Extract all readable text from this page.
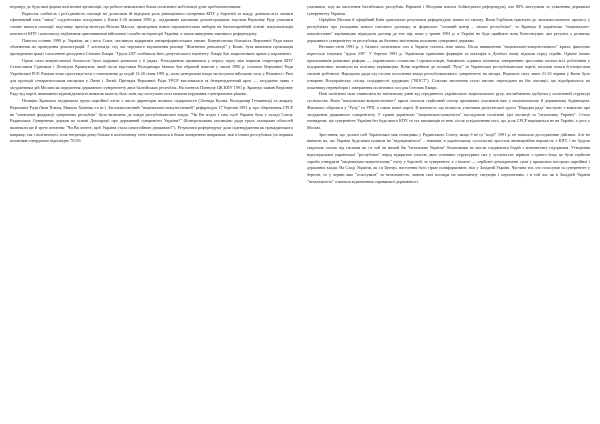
недовіру до будь-якої форми політичної організації, що робило неможливої ​​більш політичної мобілізації дуже проблематичними.

Відносна слабкість і роз'єднаність опозиції не дозволили їй відіграти роль рівноцінного суперника КПУ у боротьбі за владу, довівши всіх чинити ефективний тиск "знизу" студентських голодувань у Києві 2-16 жовтня 1990 р., підтримане масовими демонстраціями, змусили Верховну Раду ухвалити таємне вимоги опозиції: відставку прем'єр-міністра Віталія Масола, проведення нових парламентських виборів на багатопартійній основі, націоналізація власності КПУ і комсомолу, відбування призовниками військової служби на території України, а також виведення законного референдуму.

Плюсом осінню 1990 р. України, як і весь Союз, захлинула відкритим антиреформістським хвилю. Комуністична більшість Верховної Ради взяла обмеження на проведення демонстрацій. 7 листопада, під час чергового відзначення річниці "Жовтневої революції" у Києві, була виконана провокація протидемонстрації з колонною дисидента Степана Хмари. "Група 239" позбавила його депутатського імунітету. Хмару був заарештовано прямо у парламенті.

Однак сили комуністичної більшості були підірвані розколом у її рядах. Розходження проявилися у першу чергу між першим секретарем КПУ Станіславом Гуренком і Леонідом Кравчуком, який після відставки Володимира Івашка був обраний навесні у липні 1990 р. головою Верховної Ради Української РСР. Роками чітко простежується з становлення до подій 13-20 січня 1991 р., коли центральна влада застосувала військову силу у Вільнюсі і Ризі для протидії сепаратистським настроям у Литві і Латвії. Президія Верховної Ради УРСР висловилася за безпрецедентний крок — засуджено заяву з засудженням дій Москви як порушення державного суверенітету двох балтійських республік. На пленумі Пленуму ЦК КПУ 1991 р. Кравчук заявив Верховну Раду від партії, виявляючи відповідальність вимагав захисту його змін, що поступово поза межами керування з центральних рішень.

Позицію Кравчука підтримала група партійної еліти з числа директорів великих підприємств (Леоніда Кучма, Володимир Гетманець) та апарату Верховної Ради (Іван Плющ, Микола Хоменко та ін.). Загальносоюзний "національно-комуністичний" референдум 17 березня 1991 р. про збереження СРСР як "оновленої федерації суверенних республік" було включено до влади республіканської влади. "Чи Ви згідні з тим, щоб Україна була у складі Союзу Радянських Суверенних держав на основі Декларації про державний суверенітет України?" (Контрольована опозицією ради трьох галицьких областей включили ще й третє питання: "Чи Ви хочете, щоб Україна стала самостійною державою?"). Результати референдуму дали підтвердження як громадянського напряму, так і політичного, хоча тенденція дещо більше в політичному сенсі визначилася в більш конкретних напрямках, ніж в інших республіках (за першим питанням стверджено відповідно 70,5%

учасників, тоді як населення балтійських республік, Вірменії і Молдови взагалі бойкотували референдум), але 80% виступили за ухвалення державної суверенітету України.

Офіційна Москва й офіційний Київ трактували результати референдуму кожен по-своєму. Вони Горбачов прагнули до загальносоюзного процесу у республіках про укладання нового союзного договору за формулою "сильний центр – сильні республіки", то Кравчук й українське "національно-комуністичне" керівництво відкидали договір до тих пір, поки у травні 1991 р. в Україні не буде прийнято нову Конституцію, яка регулює у розвитку державного суверенітету та республіки, як базових змістовних положень суверенної держави.

Весняно-літні 1991 р. у балансі політичних сил в Україні стались нові зміни. Після виникнення "національно-комуністичного" крила, фактично перестала існувати "група 239". У березні 1991 р. Українське правління фермерів та шахтарів в Донбасі знову підняли серед страйк. Одначе інших прихильників ринкових реформ — українського селянства і промисловців, бажаючих сприяти таємному завершенню зростання частки всіх робітників у підприємствах, вплинули на політику керівництва. Вони перейшли до позицій "Руху" та Української республіканської партії, загальні пільги й інтересами тисячні робітничі. Народною ради під гаслом посилення влади республіканського суверенітету на місцях. Втратило силу лише 21-23 червня у Києві було утворено Всеукраїнську спілку солідарності трудящих ("ВОСТ"). Сільське населення стало масово переходити на бік опозиції, що відобразилось на показнику перевиборів і завершення політичних сил для Степана Хмари.

Нові політичні сили опинилися на тактичному рівні від серединного українського національного руху, поглиблюючи здобутки у політичній структурі суспільства. Вони "національно-комуністичного" крила очолила серйозний сектор проміжних учасників вже у національному й державному будівництві. Фактично зібралися у "Руху" та УРП, а також нової партії. В контексті, що кількість учасників депутатської групи "Народна рада" виступає з вимогою про засудження державного суверенітету. У травні українські "національно-комуністи" наслідували політичні ідеї опозиції за "незалежну Україну". Стало очевидним, що суверенітет України без будь-якого КПУ, ні тут мешканців ні нею, після усвідомлення того, що доля СРСР вирішиться не на Україні, а десь у Москві.

Зростання, що долати собі Української між позиціями у Радянського Союзу, якщо б не ці "події" 1991 р. не показали дослідженню дійсним. Але не вивчити на, що Україна будь-яким шляхом не "відокремиться" – навпаки, в українському суспільстві зростала антипартійна ворожість з КПУ, і не будучи свідомою силою під гаслами як і в той чи інший бік "незалежна Україна" більшовики не могли сподіватися бодай з контингенту підтримки. Утворення відповідальної української "республіки" перед відкритою участю двох основних структурних сил у суспільстві: вірніше з одного боку, це були серйозні спроби утвердити "національно-комуністичну" еліту у боротьбі за суверенітет, а з іншого — серйозні демократичні сили у кризисних настроях партійної і державної влади. На Сході України, як і в Центрі, населення було гірше поінформоване, ніж у Західній Україні. Частина тих хто голосував за суверенітет у березні, то у червні вже "голосувала" за незалежність, маючи свої погляди на економічну ситуацію і перспективи, і в той час як в Західній Україні "незалежність" означала відновлення справжньої державності.
